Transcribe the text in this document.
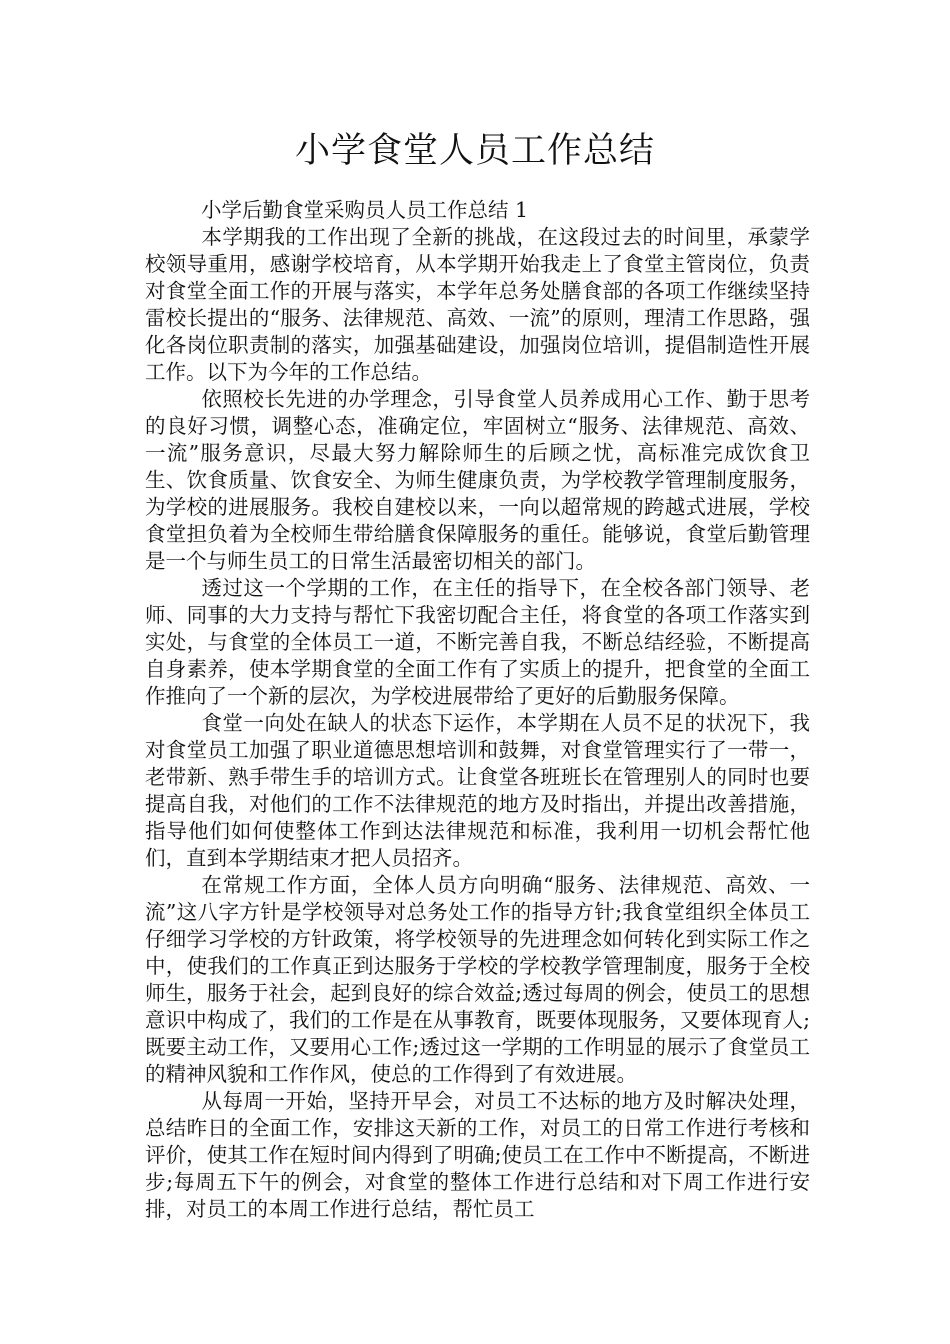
小学食堂人员工作总结

小学后勤食堂采购员人员工作总结 1

本学期我的工作出现了全新的挑战，在这段过去的时间里，承蒙学校领导重用，感谢学校培育，从本学期开始我走上了食堂主管岗位，负责对食堂全面工作的开展与落实，本学年总务处膳食部的各项工作继续坚持雷校长提出的“服务、法律规范、高效、一流”的原则，理清工作思路，强化各岗位职责制的落实，加强基础建设，加强岗位培训，提倡制造性开展工作。以下为今年的工作总结。

依照校长先进的办学理念，引导食堂人员养成用心工作、勤于思考的良好习惯，调整心态，准确定位，牢固树立“服务、法律规范、高效、一流”服务意识，尽最大努力解除师生的后顾之忧，高标准完成饮食卫生、饮食质量、饮食安全、为师生健康负责，为学校教学管理制度服务，为学校的进展服务。我校自建校以来，一向以超常规的跨越式进展，学校食堂担负着为全校师生带给膳食保障服务的重任。能够说，食堂后勤管理是一个与师生员工的日常生活最密切相关的部门。

透过这一个学期的工作，在主任的指导下，在全校各部门领导、老师、同事的大力支持与帮忙下我密切配合主任，将食堂的各项工作落实到实处，与食堂的全体员工一道，不断完善自我，不断总结经验，不断提高自身素养，使本学期食堂的全面工作有了实质上的提升，把食堂的全面工作推向了一个新的层次，为学校进展带给了更好的后勤服务保障。

食堂一向处在缺人的状态下运作，本学期在人员不足的状况下，我对食堂员工加强了职业道德思想培训和鼓舞，对食堂管理实行了一带一，老带新、熟手带生手的培训方式。让食堂各班班长在管理别人的同时也要提高自我，对他们的工作不法律规范的地方及时指出，并提出改善措施，指导他们如何使整体工作到达法律规范和标准，我利用一切机会帮忙他们，直到本学期结束才把人员招齐。

在常规工作方面，全体人员方向明确“服务、法律规范、高效、一流”这八字方针是学校领导对总务处工作的指导方针;我食堂组织全体员工仔细学习学校的方针政策，将学校领导的先进理念如何转化到实际工作之中，使我们的工作真正到达服务于学校的学校教学管理制度，服务于全校师生，服务于社会，起到良好的综合效益;透过每周的例会，使员工的思想意识中构成了，我们的工作是在从事教育，既要体现服务，又要体现育人;既要主动工作，又要用心工作;透过这一学期的工作明显的展示了食堂员工的精神风貌和工作作风，使总的工作得到了有效进展。

从每周一开始，坚持开早会，对员工不达标的地方及时解决处理，总结昨日的全面工作，安排这天新的工作，对员工的日常工作进行考核和评价，使其工作在短时间内得到了明确;使员工在工作中不断提高，不断进步;每周五下午的例会，对食堂的整体工作进行总结和对下周工作进行安排，对员工的本周工作进行总结，帮忙员工
